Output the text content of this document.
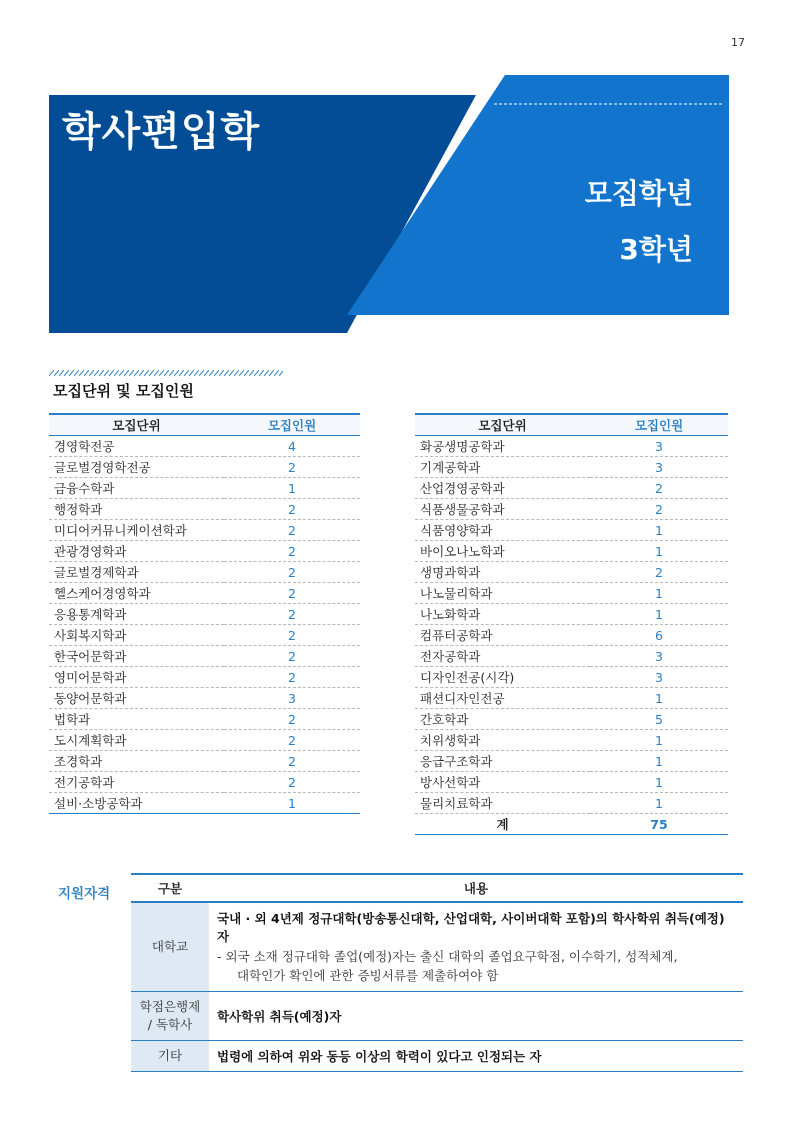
17
학사편입학
모집학년
3학년
모집단위 및 모집인원
모집단위	모집인원
경영학전공	4
글로벌경영학전공	2
금융수학과	1
행정학과	2
미디어커뮤니케이션학과	2
관광경영학과	2
글로벌경제학과	2
헬스케어경영학과	2
응용통계학과	2
사회복지학과	2
한국어문학과	2
영미어문학과	2
동양어문학과	3
법학과	2
도시계획학과	2
조경학과	2
전기공학과	2
설비·소방공학과	1
모집단위	모집인원
화공생명공학과	3
기계공학과	3
산업경영공학과	2
식품생물공학과	2
식품영양학과	1
바이오나노학과	1
생명과학과	2
나노물리학과	1
나노화학과	1
컴퓨터공학과	6
전자공학과	3
디자인전공(시각)	3
패션디자인전공	1
간호학과	5
치위생학과	1
응급구조학과	1
방사선학과	1
물리치료학과	1
계	75
지원자격	구분	내용
대학교	국내 · 외 4년제 정규대학(방송통신대학, 산업대학, 사이버대학 포함)의 학사학위 취득(예정)자
- 외국 소재 정규대학 졸업(예정)자는 출신 대학의 졸업요구학점, 이수학기, 성적체계,
대학인가 확인에 관한 증빙서류를 제출하여야 함

학점은행제
/ 독학사	학사학위 취득(예정)자
기타	법령에 의하여 위와 동등 이상의 학력이 있다고 인정되는 자
